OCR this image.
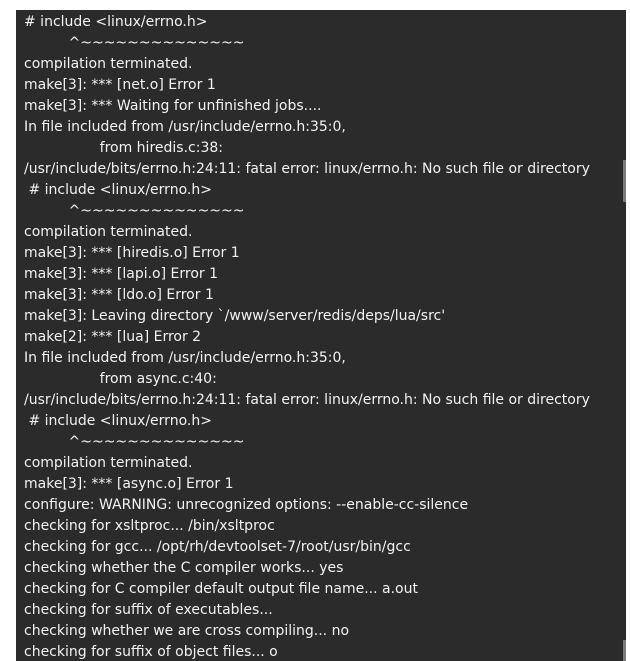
# include <linux/errno.h>
^~~~~~~~~~~~~~~
compilation terminated.
make[3]: *** [net.o] Error 1
make[3]: *** Waiting for unfinished jobs....
In file included from /usr/include/errno.h:35:0,
from hiredis.c:38:
/usr/include/bits/errno.h:24:11: fatal error: linux/errno.h: No such file or directory
# include <linux/errno.h>
^~~~~~~~~~~~~~~
compilation terminated.
make[3]: *** [hiredis.o] Error 1
make[3]: *** [lapi.o] Error 1
make[3]: *** [ldo.o] Error 1
make[3]: Leaving directory `/www/server/redis/deps/lua/src'
make[2]: *** [lua] Error 2
In file included from /usr/include/errno.h:35:0,
from async.c:40:
/usr/include/bits/errno.h:24:11: fatal error: linux/errno.h: No such file or directory
# include <linux/errno.h>
^~~~~~~~~~~~~~~
compilation terminated.
make[3]: *** [async.o] Error 1
configure: WARNING: unrecognized options: --enable-cc-silence
checking for xsltproc... /bin/xsltproc
checking for gcc... /opt/rh/devtoolset-7/root/usr/bin/gcc
checking whether the C compiler works... yes
checking for C compiler default output file name... a.out
checking for suffix of executables...
checking whether we are cross compiling... no
checking for suffix of object files... o
